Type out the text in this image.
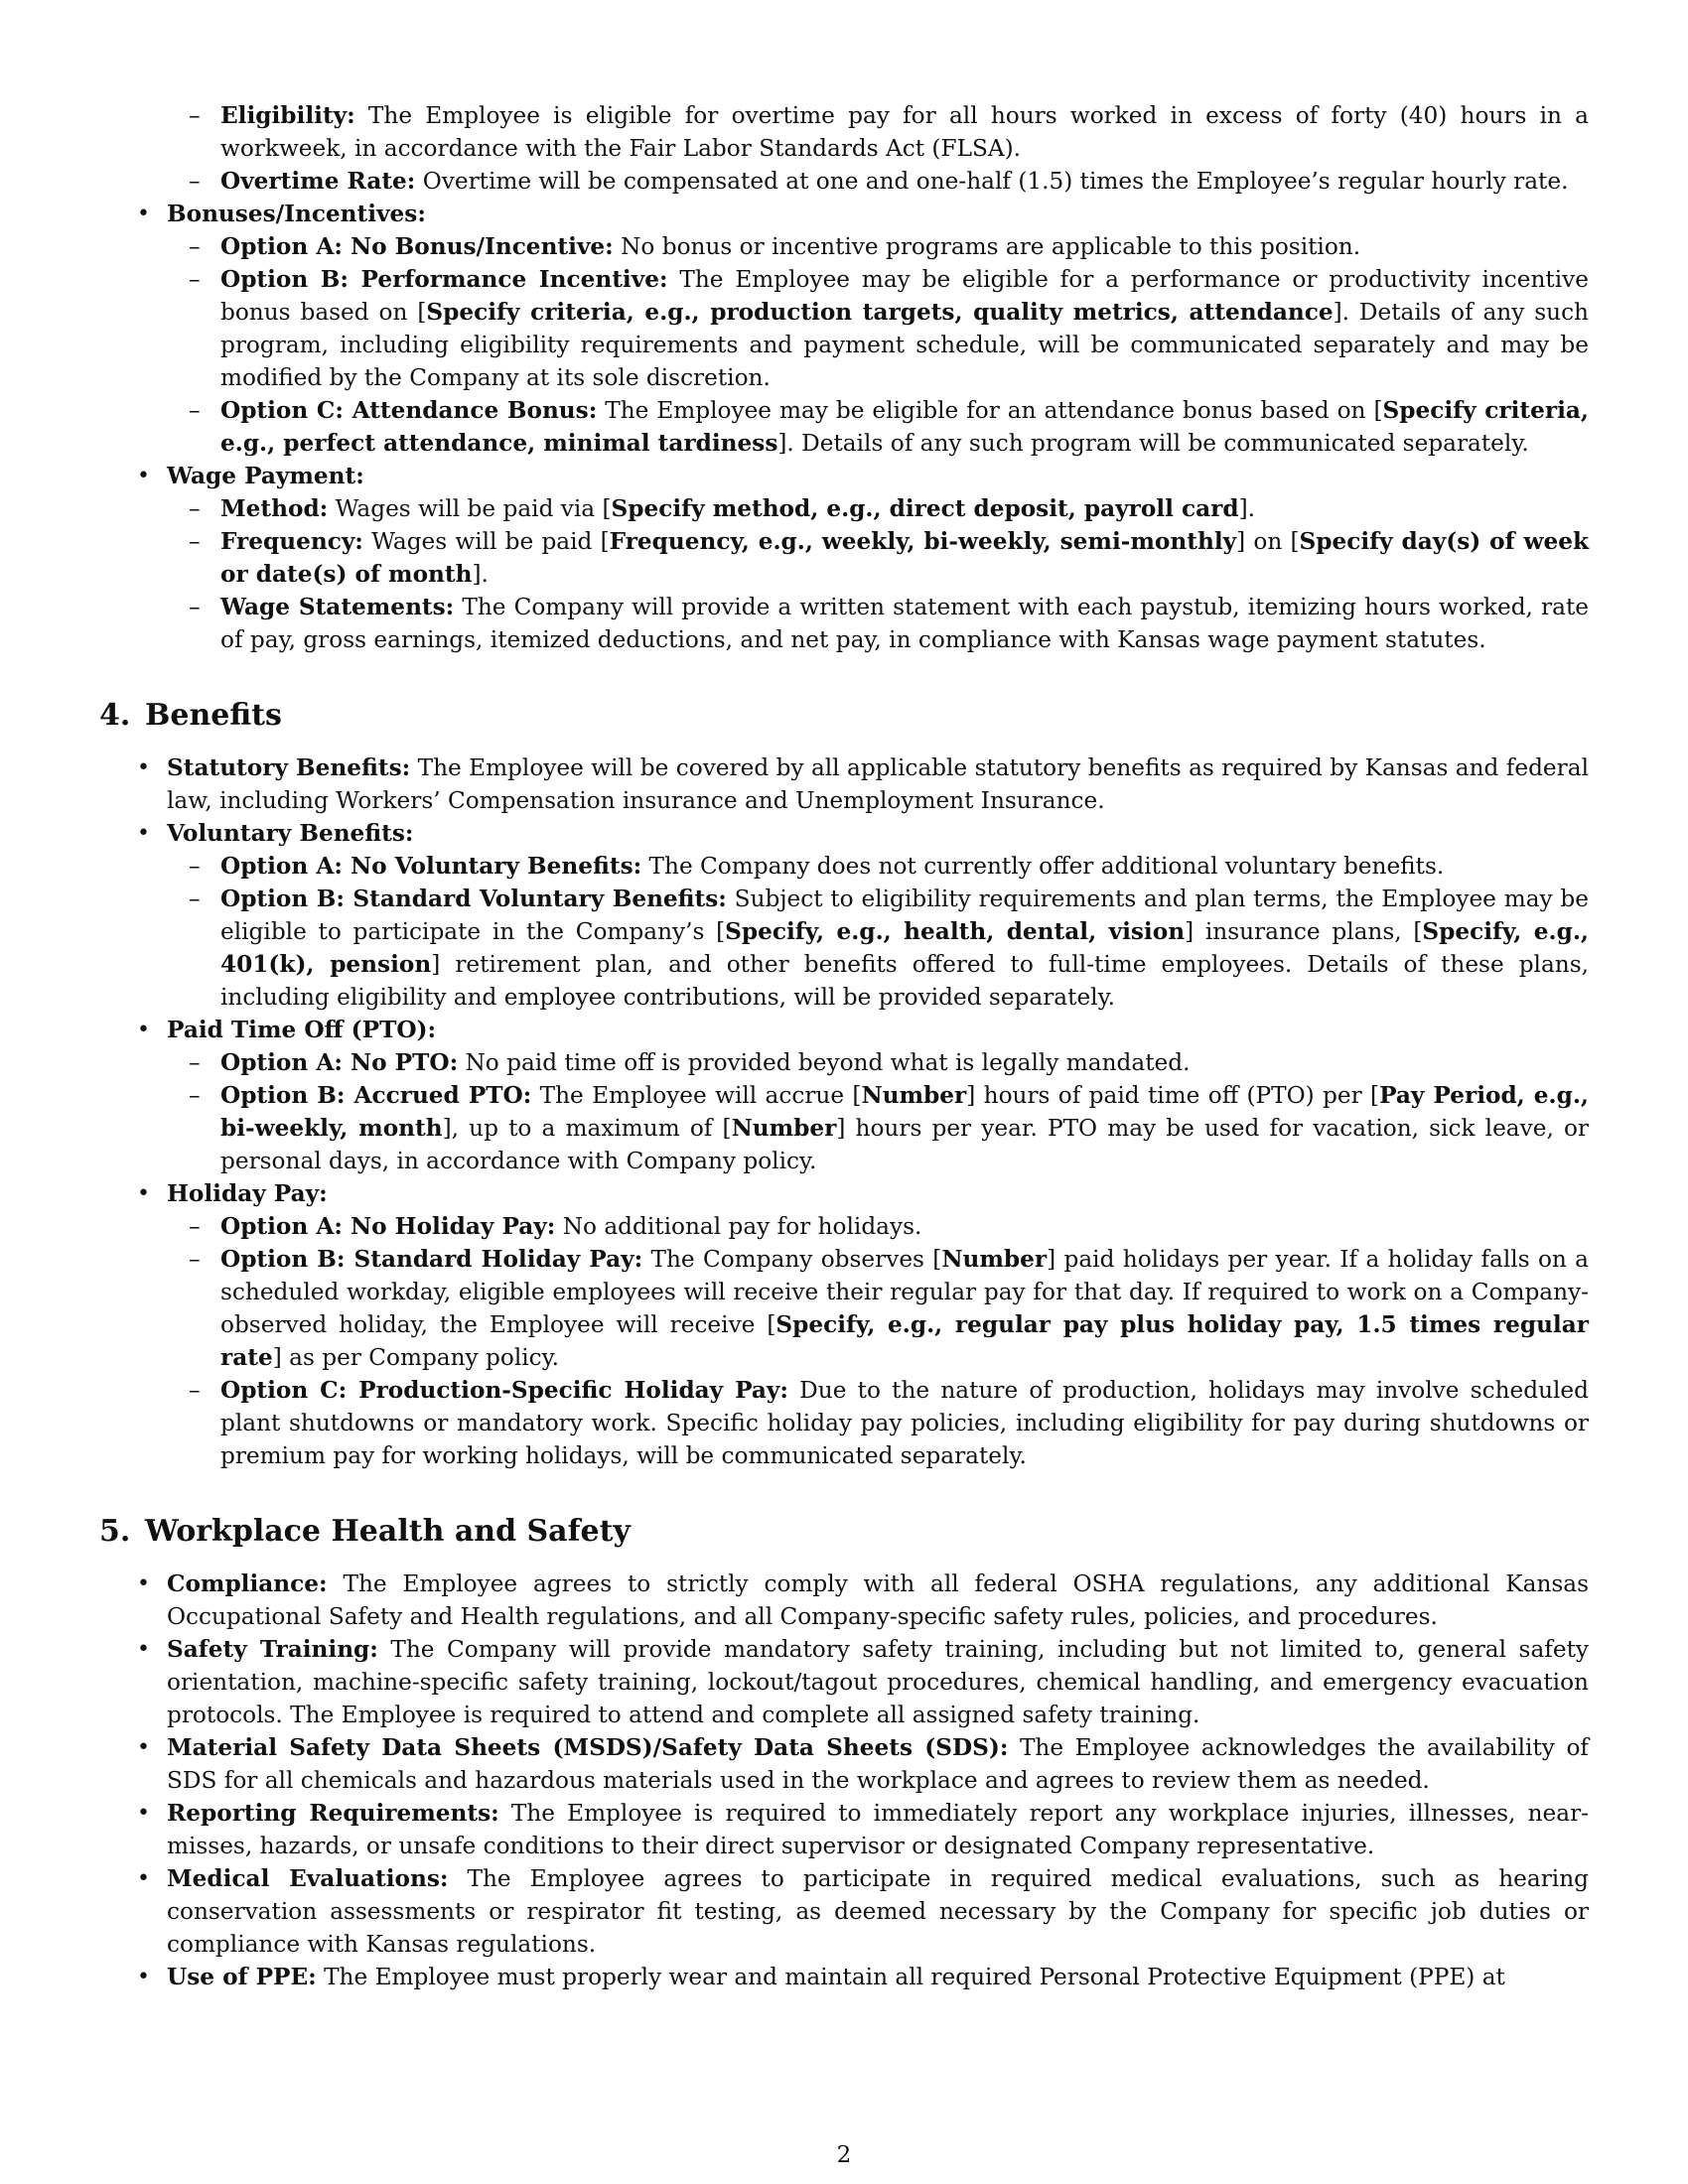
– Eligibility: The Employee is eligible for overtime pay for all hours worked in excess of forty (40) hours in a workweek, in accordance with the Fair Labor Standards Act (FLSA).
– Overtime Rate: Overtime will be compensated at one and one-half (1.5) times the Employee’s regular hourly rate.
• Bonuses/Incentives:
– Option A: No Bonus/Incentive: No bonus or incentive programs are applicable to this position.
– Option B: Performance Incentive: The Employee may be eligible for a performance or productivity incentive bonus based on [Specify criteria, e.g., production targets, quality metrics, attendance]. Details of any such program, including eligibility requirements and payment schedule, will be communicated separately and may be modified by the Company at its sole discretion.
– Option C: Attendance Bonus: The Employee may be eligible for an attendance bonus based on [Specify criteria, e.g., perfect attendance, minimal tardiness]. Details of any such program will be communicated separately.
• Wage Payment:
– Method: Wages will be paid via [Specify method, e.g., direct deposit, payroll card].
– Frequency: Wages will be paid [Frequency, e.g., weekly, bi-weekly, semi-monthly] on [Specify day(s) of week or date(s) of month].
– Wage Statements: The Company will provide a written statement with each paystub, itemizing hours worked, rate of pay, gross earnings, itemized deductions, and net pay, in compliance with Kansas wage payment statutes.
4. Benefits
• Statutory Benefits: The Employee will be covered by all applicable statutory benefits as required by Kansas and federal law, including Workers’ Compensation insurance and Unemployment Insurance.
• Voluntary Benefits:
– Option A: No Voluntary Benefits: The Company does not currently offer additional voluntary benefits.
– Option B: Standard Voluntary Benefits: Subject to eligibility requirements and plan terms, the Employee may be eligible to participate in the Company’s [Specify, e.g., health, dental, vision] insurance plans, [Specify, e.g., 401(k), pension] retirement plan, and other benefits offered to full-time employees. Details of these plans, including eligibility and employee contributions, will be provided separately.
• Paid Time Off (PTO):
– Option A: No PTO: No paid time off is provided beyond what is legally mandated.
– Option B: Accrued PTO: The Employee will accrue [Number] hours of paid time off (PTO) per [Pay Period, e.g., bi-weekly, month], up to a maximum of [Number] hours per year. PTO may be used for vacation, sick leave, or personal days, in accordance with Company policy.
• Holiday Pay:
– Option A: No Holiday Pay: No additional pay for holidays.
– Option B: Standard Holiday Pay: The Company observes [Number] paid holidays per year. If a holiday falls on a scheduled workday, eligible employees will receive their regular pay for that day. If required to work on a Company-observed holiday, the Employee will receive [Specify, e.g., regular pay plus holiday pay, 1.5 times regular rate] as per Company policy.
– Option C: Production-Specific Holiday Pay: Due to the nature of production, holidays may involve scheduled plant shutdowns or mandatory work. Specific holiday pay policies, including eligibility for pay during shutdowns or premium pay for working holidays, will be communicated separately.
5. Workplace Health and Safety
• Compliance: The Employee agrees to strictly comply with all federal OSHA regulations, any additional Kansas Occupational Safety and Health regulations, and all Company-specific safety rules, policies, and procedures.
• Safety Training: The Company will provide mandatory safety training, including but not limited to, general safety orientation, machine-specific safety training, lockout/tagout procedures, chemical handling, and emergency evacuation protocols. The Employee is required to attend and complete all assigned safety training.
• Material Safety Data Sheets (MSDS)/Safety Data Sheets (SDS): The Employee acknowledges the availability of SDS for all chemicals and hazardous materials used in the workplace and agrees to review them as needed.
• Reporting Requirements: The Employee is required to immediately report any workplace injuries, illnesses, near-misses, hazards, or unsafe conditions to their direct supervisor or designated Company representative.
• Medical Evaluations: The Employee agrees to participate in required medical evaluations, such as hearing conservation assessments or respirator fit testing, as deemed necessary by the Company for specific job duties or compliance with Kansas regulations.
• Use of PPE: The Employee must properly wear and maintain all required Personal Protective Equipment (PPE) at
2
